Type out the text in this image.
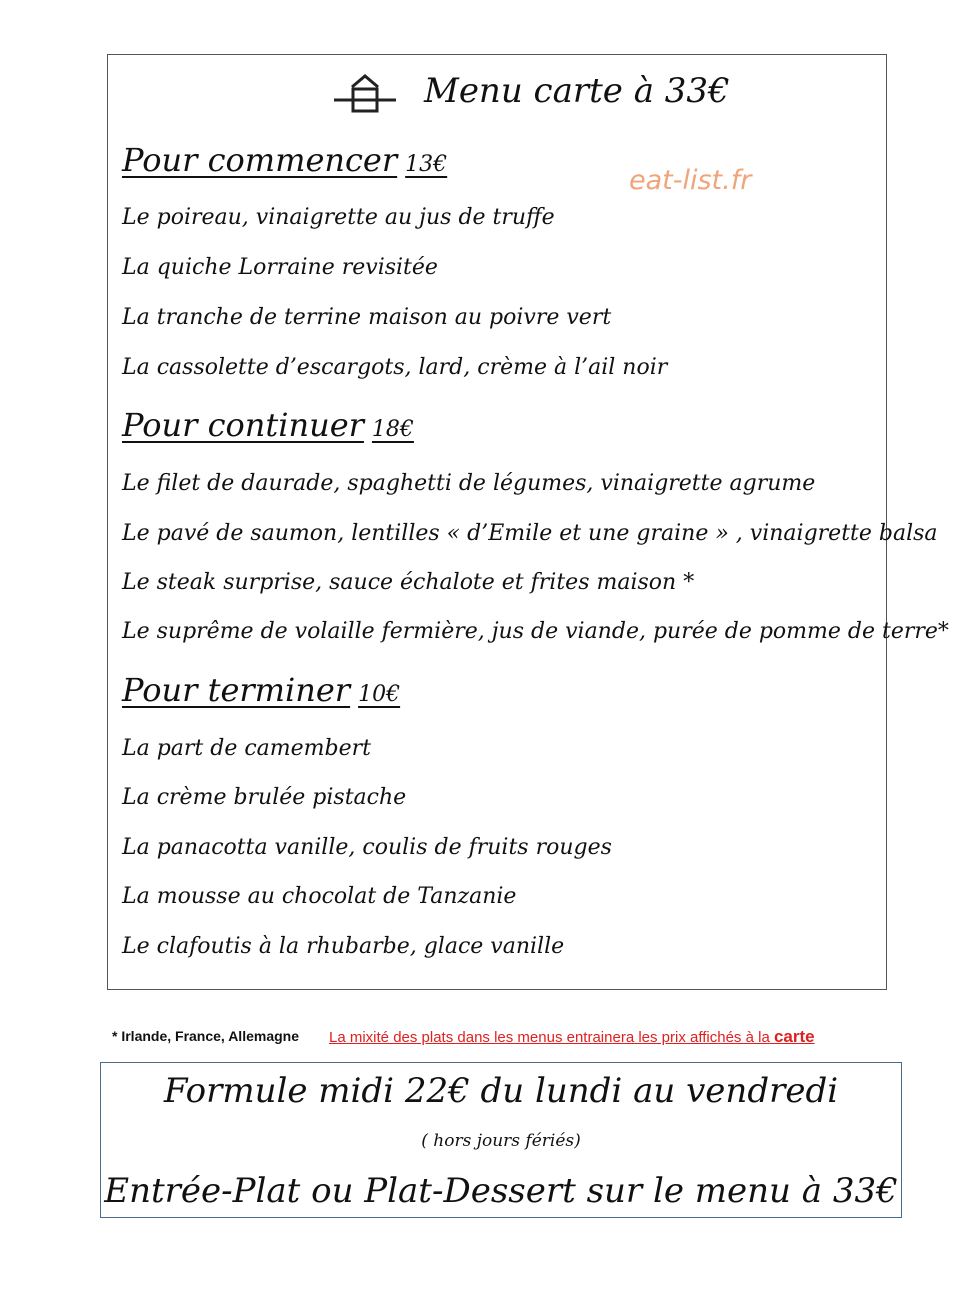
Menu carte à 33€
eat-list.fr
Pour commencer 13€
Le poireau, vinaigrette au jus de truffe
La quiche Lorraine revisitée
La tranche de terrine maison au poivre vert
La cassolette d’escargots, lard, crème à l’ail noir
Pour continuer 18€
Le filet de daurade, spaghetti de légumes, vinaigrette agrume
Le pavé de saumon, lentilles « d’Emile et une graine » , vinaigrette balsa
Le steak surprise, sauce échalote et frites maison *
Le suprême de volaille fermière, jus de viande, purée de pomme de terre*
Pour terminer 10€
La part de camembert
La crème brulée pistache
La panacotta vanille, coulis de fruits rouges
La mousse au chocolat de Tanzanie
Le clafoutis à la rhubarbe, glace vanille
* Irlande, France, Allemagne La mixité des plats dans les menus entrainera les prix affichés à la carte
Formule midi 22€ du lundi au vendredi
( hors jours fériés)
Entrée-Plat ou Plat-Dessert sur le menu à 33€
